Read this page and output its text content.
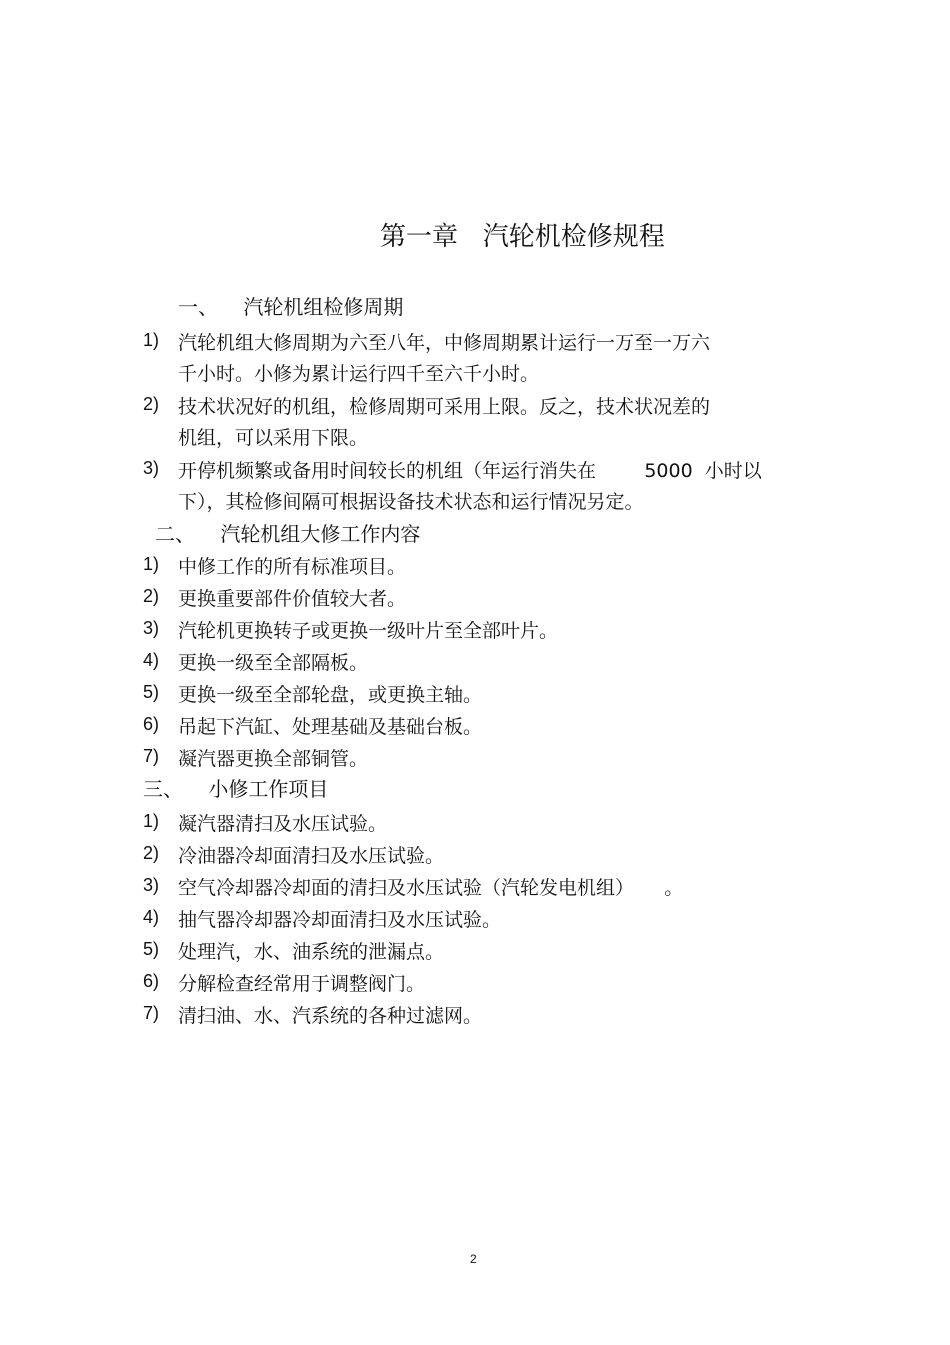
第一章   汽轮机检修规程
一、    汽轮机组检修周期
1) 汽轮机组大修周期为六至八年，中修周期累计运行一万至一万六
千小时。小修为累计运行四千至六千小时。
2) 技术状况好的机组，检修周期可采用上限。反之，技术状况差的
机组，可以采用下限。
3) 开停机频繁或备用时间较长的机组（年运行消失在        5000  小时以
下），其检修间隔可根据设备技术状态和运行情况另定。
二、    汽轮机组大修工作内容
1) 中修工作的所有标准项目。
2) 更换重要部件价值较大者。
3) 汽轮机更换转子或更换一级叶片至全部叶片。
4) 更换一级至全部隔板。
5) 更换一级至全部轮盘，或更换主轴。
6) 吊起下汽缸、处理基础及基础台板。
7) 凝汽器更换全部铜管。
三、    小修工作项目
1) 凝汽器清扫及水压试验。
2) 冷油器冷却面清扫及水压试验。
3) 空气冷却器冷却面的清扫及水压试验（汽轮发电机组）     。
4) 抽气器冷却器冷却面清扫及水压试验。
5) 处理汽，水、油系统的泄漏点。
6) 分解检查经常用于调整阀门。
7) 清扫油、水、汽系统的各种过滤网。
2
